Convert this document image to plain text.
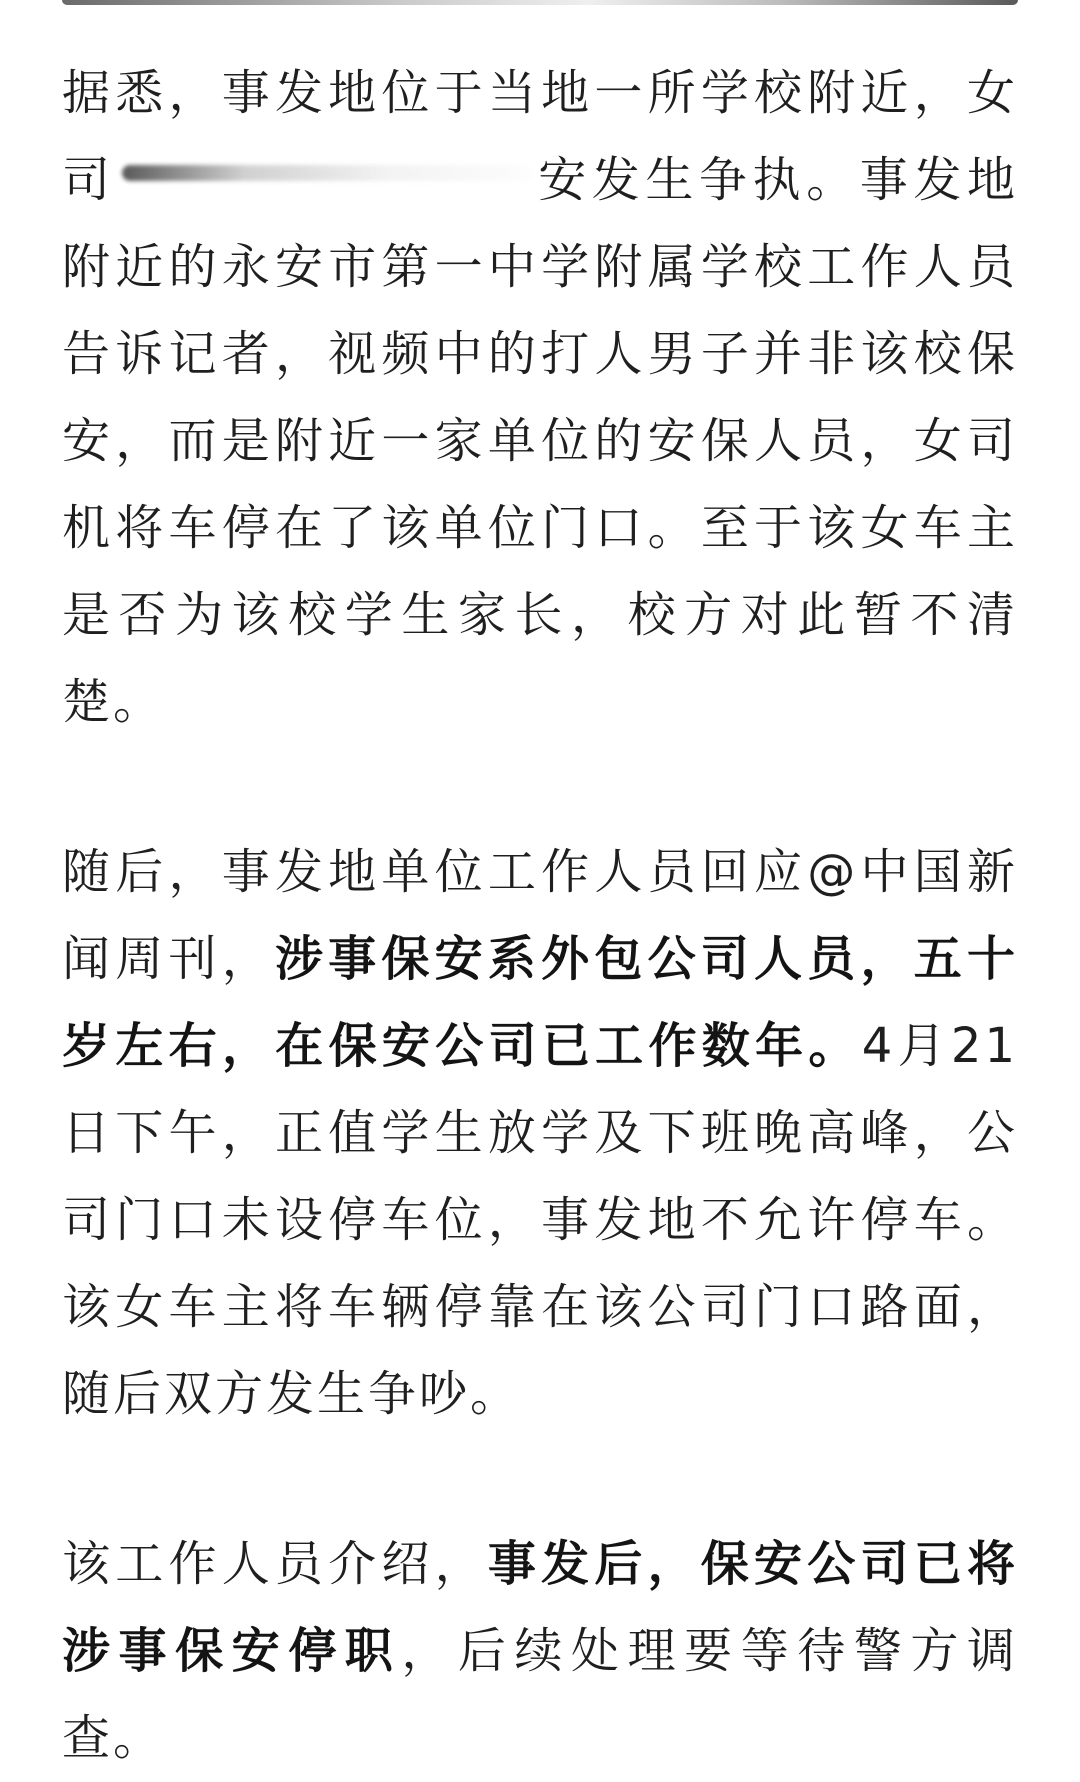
据悉，事发地位于当地一所学校附近，女司	安发生争执。事发地附近的永安市第一中学附属学校工作人员告诉记者，视频中的打人男子并非该校保安，而是附近一家单位的安保人员，女司机将车停在了该单位门口。至于该女车主是否为该校学生家长，校方对此暂不清楚。

随后，事发地单位工作人员回应@中国新闻周刊，涉事保安系外包公司人员，五十岁左右，在保安公司已工作数年。4月21日下午，正值学生放学及下班晚高峰，公司门口未设停车位，事发地不允许停车。该女车主将车辆停靠在该公司门口路面，随后双方发生争吵。

该工作人员介绍，事发后，保安公司已将涉事保安停职，后续处理要等待警方调查。
